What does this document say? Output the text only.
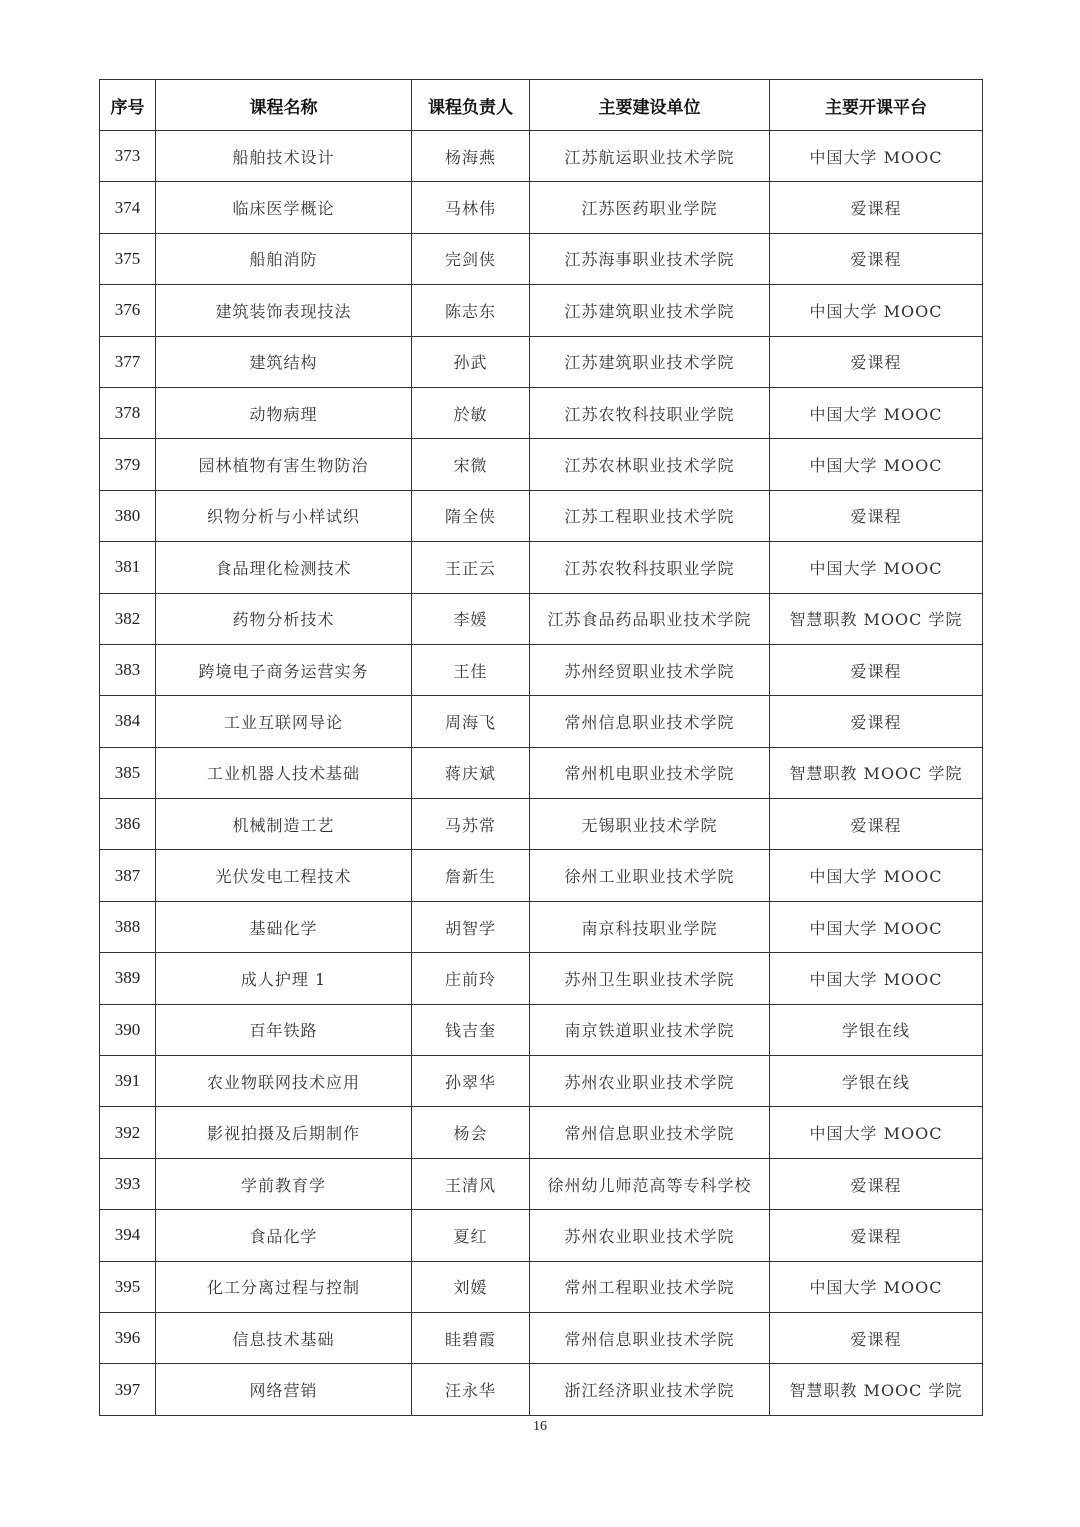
序号	课程名称	课程负责人	主要建设单位	主要开课平台
373	船舶技术设计	杨海燕	江苏航运职业技术学院	中国大学 MOOC
374	临床医学概论	马林伟	江苏医药职业学院	爱课程
375	船舶消防	完剑侠	江苏海事职业技术学院	爱课程
376	建筑装饰表现技法	陈志东	江苏建筑职业技术学院	中国大学 MOOC
377	建筑结构	孙武	江苏建筑职业技术学院	爱课程
378	动物病理	於敏	江苏农牧科技职业学院	中国大学 MOOC
379	园林植物有害生物防治	宋微	江苏农林职业技术学院	中国大学 MOOC
380	织物分析与小样试织	隋全侠	江苏工程职业技术学院	爱课程
381	食品理化检测技术	王正云	江苏农牧科技职业学院	中国大学 MOOC
382	药物分析技术	李媛	江苏食品药品职业技术学院	智慧职教 MOOC 学院
383	跨境电子商务运营实务	王佳	苏州经贸职业技术学院	爱课程
384	工业互联网导论	周海飞	常州信息职业技术学院	爱课程
385	工业机器人技术基础	蒋庆斌	常州机电职业技术学院	智慧职教 MOOC 学院
386	机械制造工艺	马苏常	无锡职业技术学院	爱课程
387	光伏发电工程技术	詹新生	徐州工业职业技术学院	中国大学 MOOC
388	基础化学	胡智学	南京科技职业学院	中国大学 MOOC
389	成人护理 1	庄前玲	苏州卫生职业技术学院	中国大学 MOOC
390	百年铁路	钱吉奎	南京铁道职业技术学院	学银在线
391	农业物联网技术应用	孙翠华	苏州农业职业技术学院	学银在线
392	影视拍摄及后期制作	杨会	常州信息职业技术学院	中国大学 MOOC
393	学前教育学	王清风	徐州幼儿师范高等专科学校	爱课程
394	食品化学	夏红	苏州农业职业技术学院	爱课程
395	化工分离过程与控制	刘媛	常州工程职业技术学院	中国大学 MOOC
396	信息技术基础	眭碧霞	常州信息职业技术学院	爱课程
397	网络营销	汪永华	浙江经济职业技术学院	智慧职教 MOOC 学院
16
